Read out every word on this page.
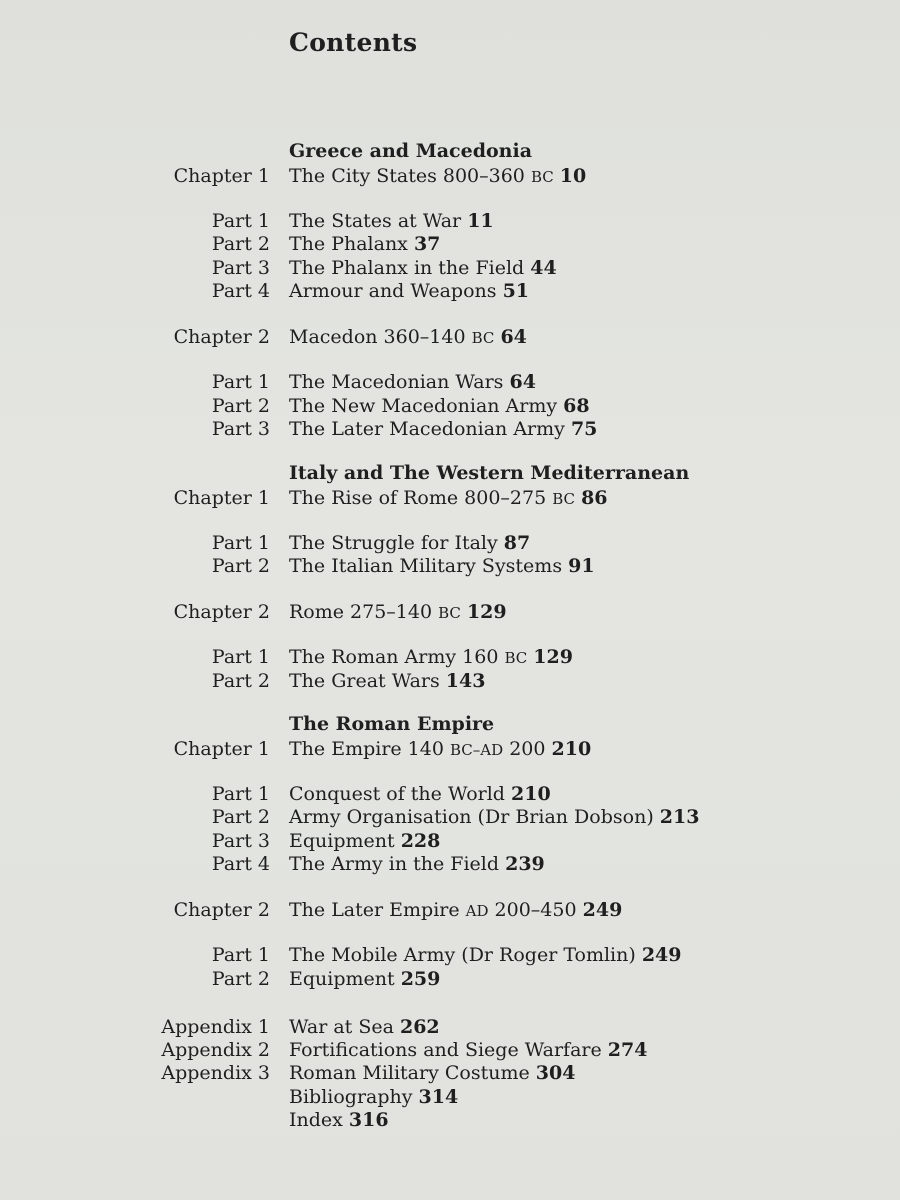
Contents
Greece and Macedonia
Chapter 1 The City States 800–360 BC 10
Part 1 The States at War 11
Part 2 The Phalanx 37
Part 3 The Phalanx in the Field 44
Part 4 Armour and Weapons 51
Chapter 2 Macedon 360–140 BC 64
Part 1 The Macedonian Wars 64
Part 2 The New Macedonian Army 68
Part 3 The Later Macedonian Army 75
Italy and The Western Mediterranean
Chapter 1 The Rise of Rome 800–275 BC 86
Part 1 The Struggle for Italy 87
Part 2 The Italian Military Systems 91
Chapter 2 Rome 275–140 BC 129
Part 1 The Roman Army 160 BC 129
Part 2 The Great Wars 143
The Roman Empire
Chapter 1 The Empire 140 BC–AD 200 210
Part 1 Conquest of the World 210
Part 2 Army Organisation (Dr Brian Dobson) 213
Part 3 Equipment 228
Part 4 The Army in the Field 239
Chapter 2 The Later Empire AD 200–450 249
Part 1 The Mobile Army (Dr Roger Tomlin) 249
Part 2 Equipment 259
Appendix 1 War at Sea 262
Appendix 2 Fortifications and Siege Warfare 274
Appendix 3 Roman Military Costume 304
Bibliography 314
Index 316
